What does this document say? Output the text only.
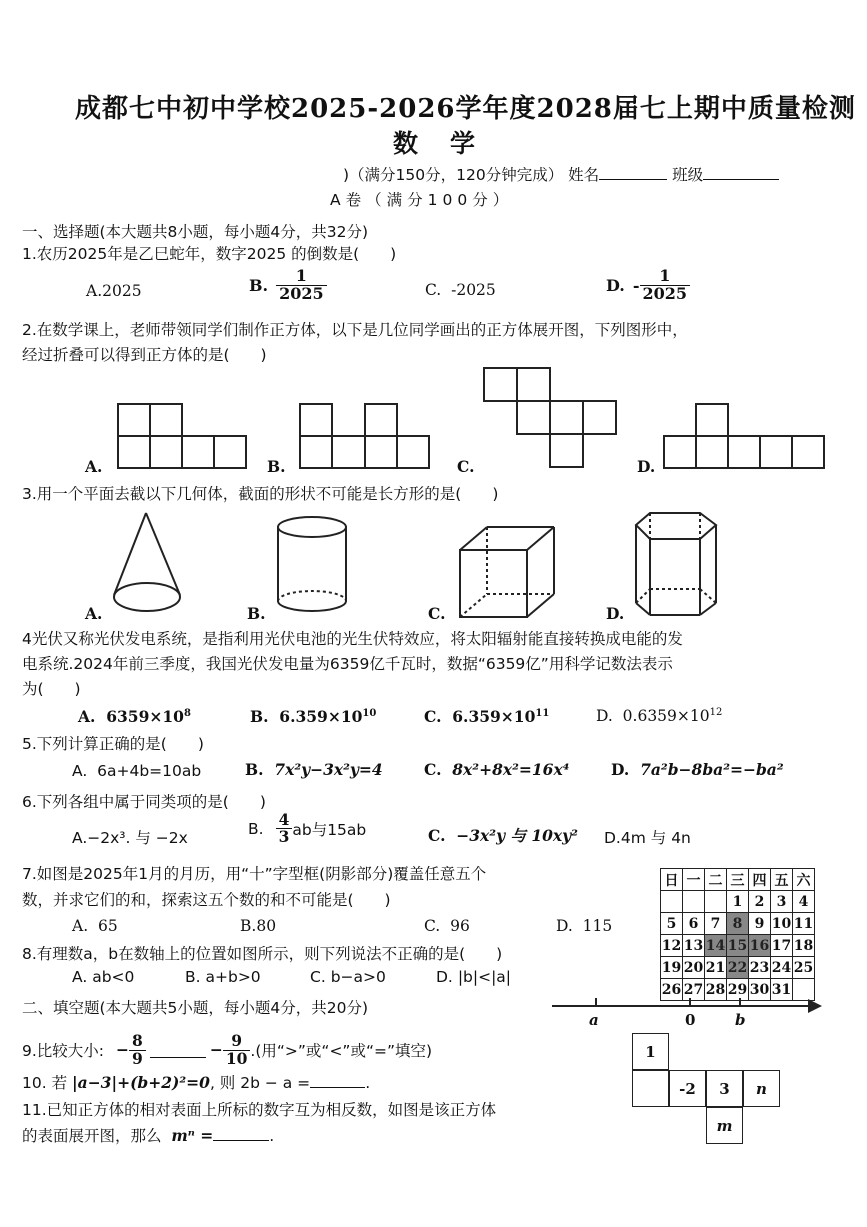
成都七中初中学校2025-2026学年度2028届七上期中质量检测
数学
)（满分150分，120分钟完成） 姓名	班级
A卷（满分100分）
一、选择题(本大题共8小题，每小题4分，共32分)
1.农历2025年是乙巳蛇年，数字2025 的倒数是(　　)
A.2025	B. $\frac{1}{2025}$	C. -2025	D. - $\frac{1}{2025}$
2.在数学课上，老师带领同学们制作正方体，以下是几位同学画出的正方体展开图，下列图形中，
经过折叠可以得到正方体的是(　　)
A.	B.	C.	D.
3.用一个平面去截以下几何体，截面的形状不可能是长方形的是(　　)
A.	B.	C.	D.
4光伏又称光伏发电系统，是指利用光伏电池的光生伏特效应，将太阳辐射能直接转换成电能的发
电系统.2024年前三季度，我国光伏发电量为6359亿千瓦时，数据“6359亿”用科学记数法表示
为(　　)
A. $6359\times 10^8$	B. $6.359\times 10^{10}$	C. $6.359\times 10^{11}$	D. $0.6359\times 10^{12}$
5.下列计算正确的是(　　)
A. 6a+4b=10ab	B. 7x²y−3x²y=4	C. 8x²+8x²=16x⁴	D. 7a²b−8ba²=−ba²
6.下列各组中属于同类项的是(　　)
A.−2x³. 与 −2x
B. $\frac{4}{3}$ ab与15ab	C. −3x²y 与 10xy² D.4m 与 4n
7.如图是2025年1月的月历，用“十”字型框(阴影部分)覆盖任意五个
数，并求它们的和，探索这五个数的和不可能是(　　)
A. 65	B.80	C. 96	D. 115
日	一	二	三	四	五	六
			1	2	3	4
5	6	7	8	9	10	11
12	13	14	15	16	17	18
19	20	21	22	23	24	25
26	27	28	29	30	31	
8.有理数a，b在数轴上的位置如图所示，则下列说法不正确的是(　　)
A. ab<0	B. a+b>0	C. b−a>0	D. |b|<|a|
a	0	b
二、填空题(本大题共5小题，每小题4分，共20分)
9.比较大小: − $\frac{8}{9}$	− $\frac{9}{10}$ .(用“>”或“<”或“=”填空)
10. 若 |a−3|+(b+2)²=0, 则 2b − a =	.
11.已知正方体的相对表面上所标的数字互为相反数，如图是该正方体
的表面展开图，那么 mⁿ =	.
1
-2	3	n
m
